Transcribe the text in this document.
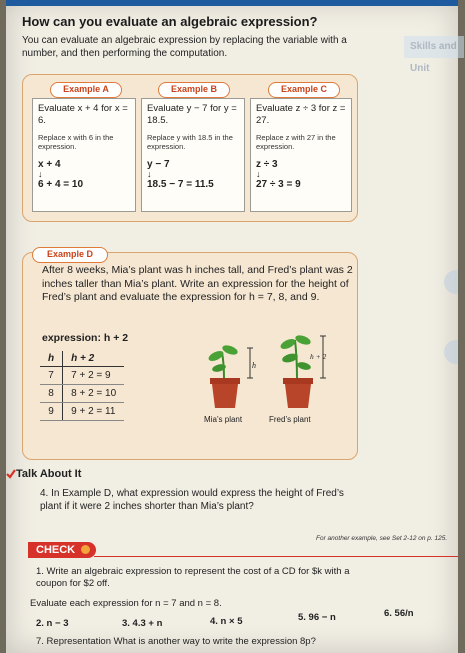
Skills and Unit
How can you evaluate an algebraic expression?
You can evaluate an algebraic expression by replacing the variable with a number, and then performing the computation.
Example A	Example B	Example C
Evaluate x + 4 for x = 6.
Replace x with 6 in the expression.
x + 4
↓
6 + 4 = 10
Evaluate y − 7 for y = 18.5.
Replace y with 18.5 in the expression.
y − 7
↓
18.5 − 7 = 11.5
Evaluate z ÷ 3 for z = 27.
Replace z with 27 in the expression.
z ÷ 3
↓
27 ÷ 3 = 9
Example D
After 8 weeks, Mia’s plant was h inches tall, and Fred’s plant was 2 inches taller than Mia’s plant. Write an expression for the height of Fred’s plant and evaluate the expression for h = 7, 8, and 9.
expression: h + 2
h	h + 2
7	7 + 2 = 9
8	8 + 2 = 10
9	9 + 2 = 11
h
h + 2
Mia’s plant	Fred’s plant
Talk About It
4. In Example D, what expression would express the height of Fred’s plant if it were 2 inches shorter than Mia’s plant?
For another example, see Set 2-12 on p. 125.
CHECK
1. Write an algebraic expression to represent the cost of a CD for $k with a coupon for $2 off.
Evaluate each expression for n = 7 and n = 8.
2. n − 3	3. 4.3 + n	4. n × 5	5. 96 − n	6. 56/n
7. Representation What is another way to write the expression 8p?
